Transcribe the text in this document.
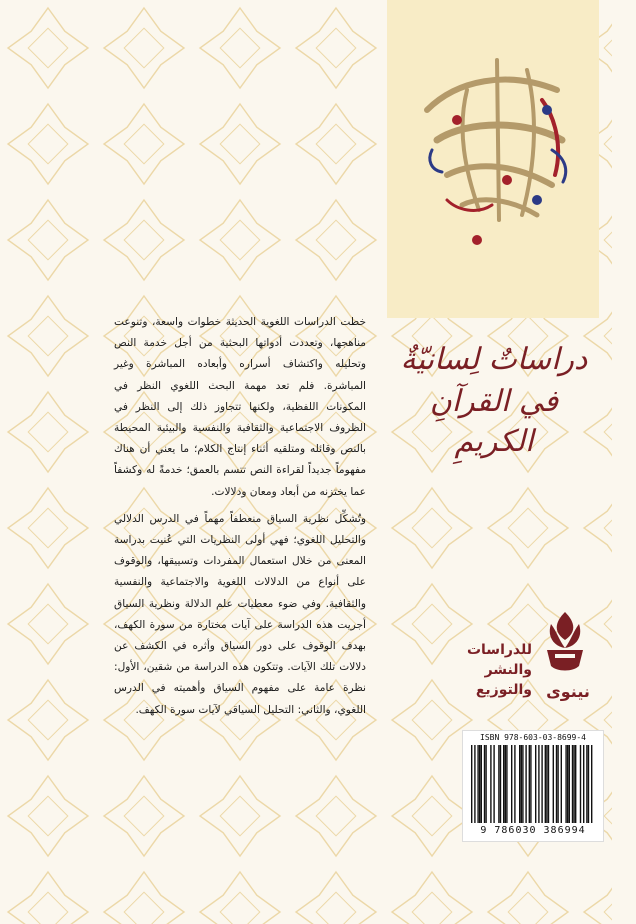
دراساتٌ لِسانيّةٌ
في القرآنِ الكريمِ

خطت الدراسات اللغوية الحديثة خطوات واسعة، وتنوعت مناهجها، وتعددت أدواتها البحثية من أجل خدمة النص وتحليله واكتشاف أسراره وأبعاده المباشرة وغير المباشرة. فلم تعد مهمة البحث اللغوي النظر في المكونات اللفظية، ولكنها تتجاوز ذلك إلى النظر في الظروف الاجتماعية والثقافية والنفسية والبيئية المحيطة بالنص وقائله ومتلقيه أثناء إنتاج الكلام؛ ما يعني أن هناك مفهوماً جديداً لقراءة النص تتسم بالعمق؛ خدمةً له وكشفاً عما يختزنه من أبعاد ومعان ودلالات.

وتُشكِّل نظرية السياق منعطفاً مهماً في الدرس الدلالي والتحليل اللغوي؛ فهي أولى النظريات التي عُنيت بدراسة المعنى من خلال استعمال المفردات وتسييقها، والوقوف على أنواع من الدلالات اللغوية والاجتماعية والنفسية والثقافية. وفي ضوء معطيات علم الدلالة ونظرية السياق أجريت هذه الدراسة على آيات مختارة من سورة الكهف، بهدف الوقوف على دور السياق وأثره في الكشف عن دلالات تلك الآيات. وتتكون هذه الدراسة من شقين، الأول: نظرة عامة على مفهوم السياق وأهميته في الدرس اللغوي، والثاني: التحليل السياقي لآيات سورة الكهف.

للدراسات
والنشر
والتوزيع نينوى
ISBN 978-603-03-8699-4
9 786030 386994
